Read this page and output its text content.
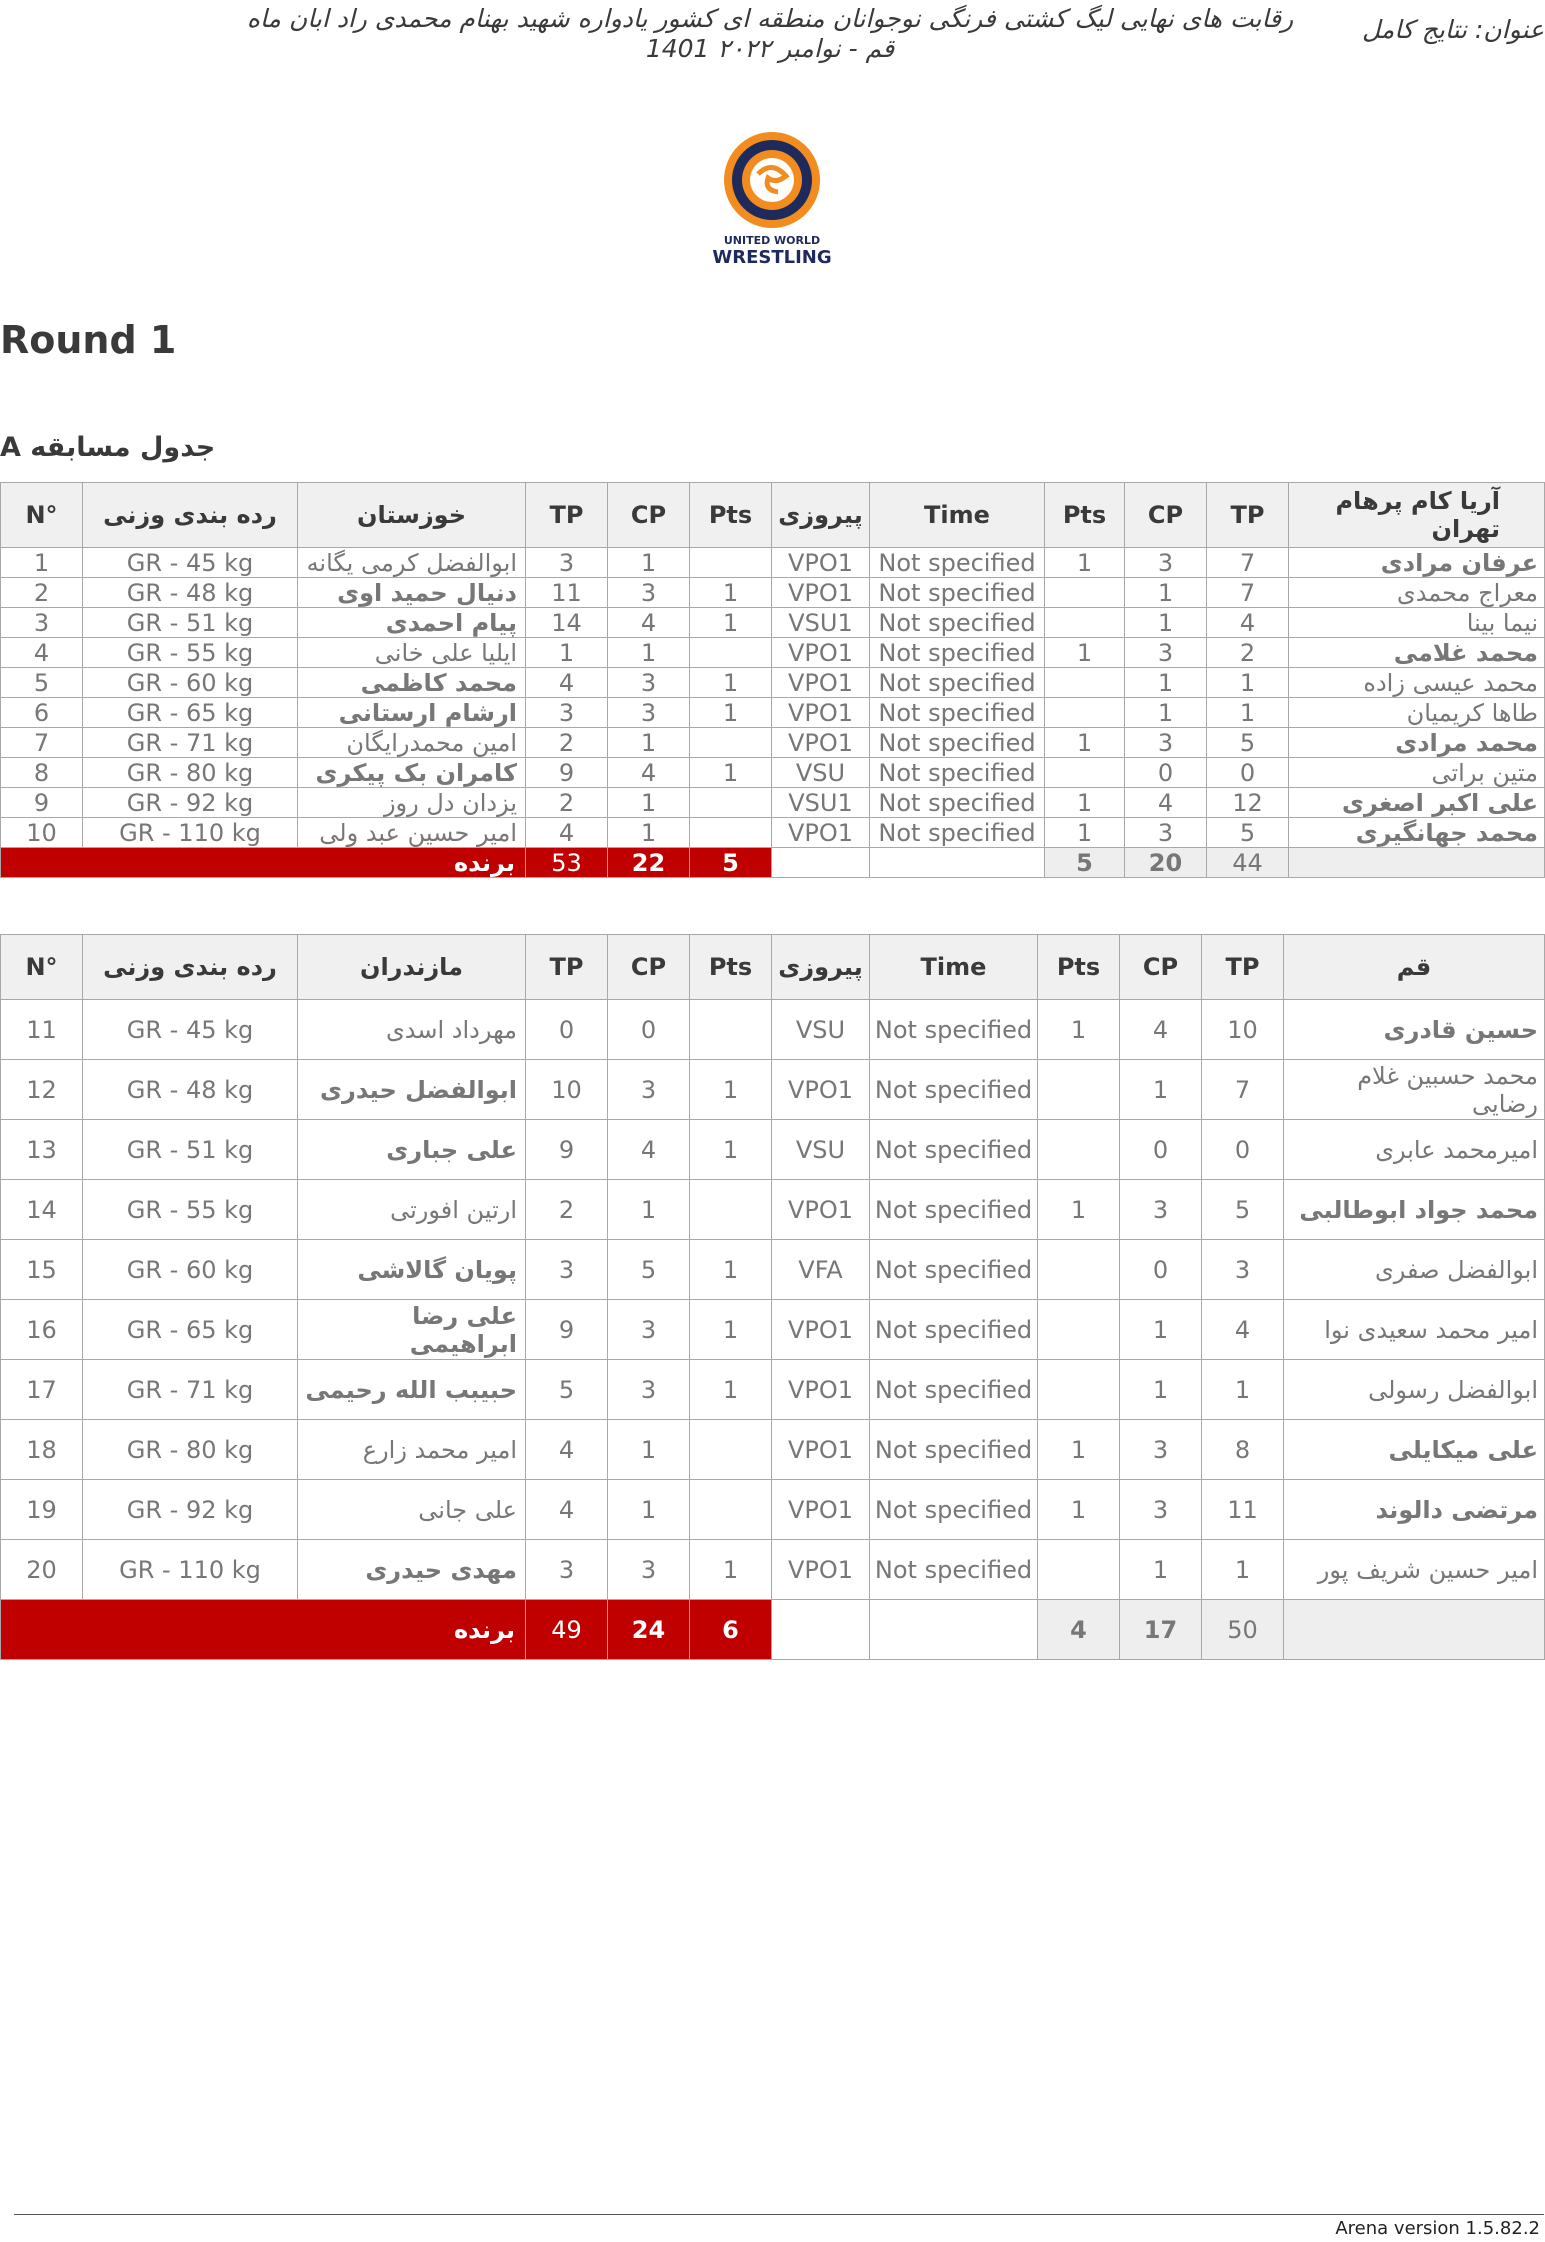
رقابت های نهایی لیگ کشتی فرنگی نوجوانان منطقه ای کشور یادواره شهید بهنام محمدی راد ابان ماه
1401 قم - نوامبر ۲۰۲۲
عنوان: نتایج کامل
UNITED WORLD
WRESTLING
Round 1
جدول مسابقه A
N°	رده بندی وزنی	خوزستان	TP	CP	Pts	پیروزی	Time	Pts	CP	TP	آریا کام پرهام تهران
1	GR - 45 kg	ابوالفضل کرمی یگانه	3	1		VPO1	Not specified	1	3	7	عرفان مرادی
2	GR - 48 kg	دنیال حمید اوی	11	3	1	VPO1	Not specified		1	7	معراج محمدی
3	GR - 51 kg	پیام احمدی	14	4	1	VSU1	Not specified		1	4	نیما بینا
4	GR - 55 kg	ایلیا علی خانی	1	1		VPO1	Not specified	1	3	2	محمد غلامی
5	GR - 60 kg	محمد کاظمی	4	3	1	VPO1	Not specified		1	1	محمد عیسی زاده
6	GR - 65 kg	ارشام ارستانی	3	3	1	VPO1	Not specified		1	1	طاها کریمیان
7	GR - 71 kg	امین محمدرایگان	2	1		VPO1	Not specified	1	3	5	محمد مرادی
8	GR - 80 kg	کامران بک پیکری	9	4	1	VSU	Not specified		0	0	متین براتی
9	GR - 92 kg	یزدان دل روز	2	1		VSU1	Not specified	1	4	12	علی اکبر اصغری
10	GR - 110 kg	امیر حسین عبد ولی	4	1		VPO1	Not specified	1	3	5	محمد جهانگیری
برنده			53	22	5			5	20	44	
N°	رده بندی وزنی	مازندران	TP	CP	Pts	پیروزی	Time	Pts	CP	TP	قم
11	GR - 45 kg	مهرداد اسدی	0	0		VSU	Not specified	1	4	10	حسین قادری
12	GR - 48 kg	ابوالفضل حیدری	10	3	1	VPO1	Not specified		1	7	محمد حسبین غلام رضایی
13	GR - 51 kg	علی جباری	9	4	1	VSU	Not specified		0	0	امیرمحمد عابری
14	GR - 55 kg	ارتین افورتی	2	1		VPO1	Not specified	1	3	5	محمد جواد ابوطالبی
15	GR - 60 kg	پویان گالاشی	3	5	1	VFA	Not specified		0	3	ابوالفضل صفری
16	GR - 65 kg	علی رضا ابراهیمی	9	3	1	VPO1	Not specified		1	4	امیر محمد سعیدی نوا
17	GR - 71 kg	حبیبب الله رحیمی	5	3	1	VPO1	Not specified		1	1	ابوالفضل رسولی
18	GR - 80 kg	امیر محمد زارع	4	1		VPO1	Not specified	1	3	8	علی میکایلی
19	GR - 92 kg	علی جانی	4	1		VPO1	Not specified	1	3	11	مرتضی دالوند
20	GR - 110 kg	مهدی حیدری	3	3	1	VPO1	Not specified		1	1	امیر حسین شریف پور
برنده			49	24	6			4	17	50	
Arena version 1.5.82.2
